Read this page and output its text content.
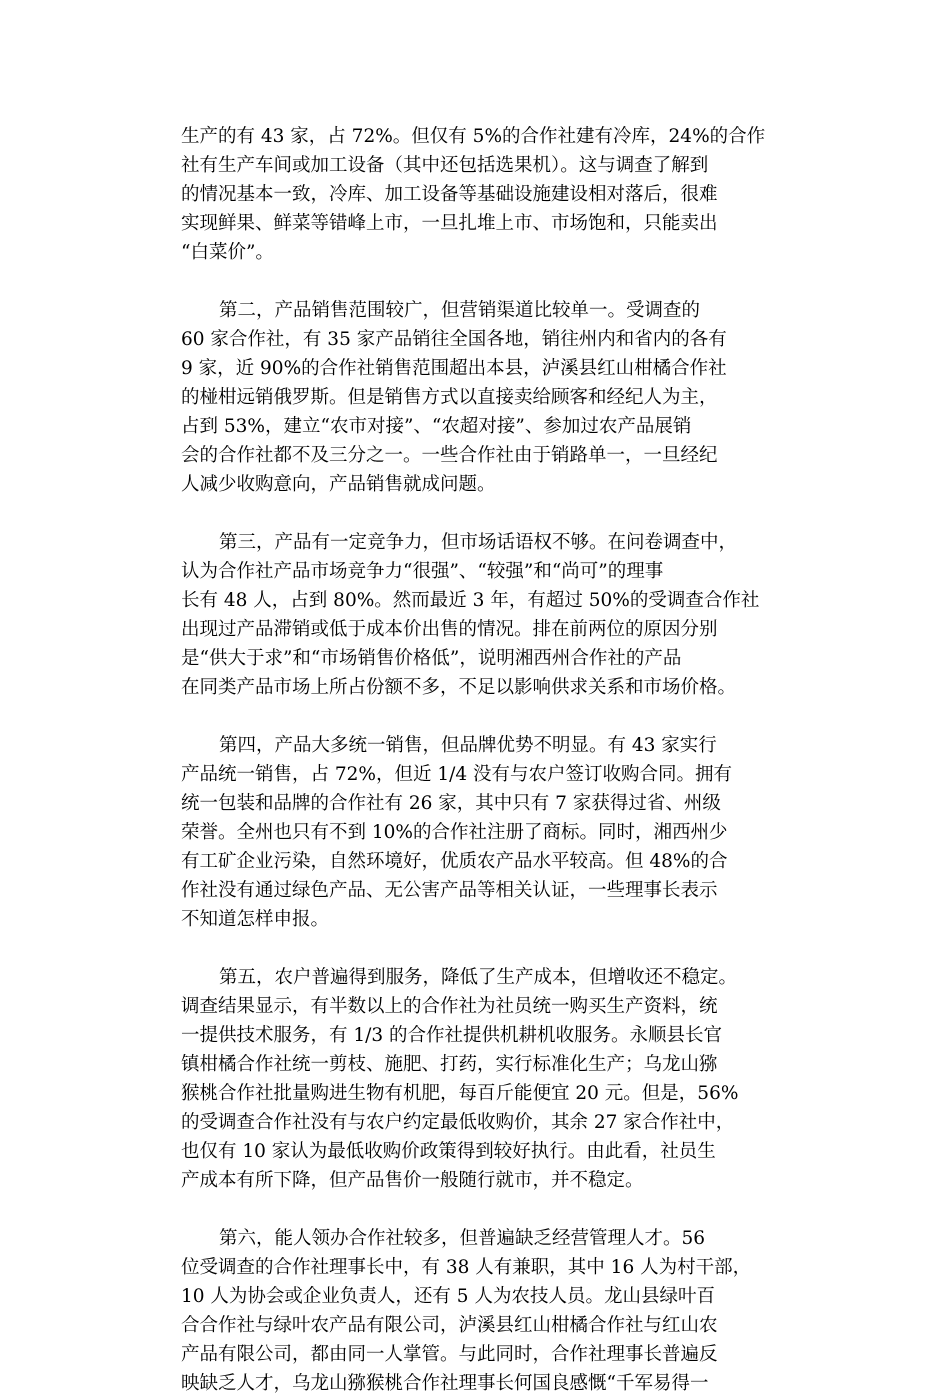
生产的有 43 家，占 72%。但仅有 5%的合作社建有冷库，24%的合作
社有生产车间或加工设备（其中还包括选果机）。这与调查了解到
的情况基本一致，冷库、加工设备等基础设施建设相对落后，很难
实现鲜果、鲜菜等错峰上市，一旦扎堆上市、市场饱和，只能卖出
“白菜价”。

第二，产品销售范围较广，但营销渠道比较单一。受调查的
60 家合作社，有 35 家产品销往全国各地，销往州内和省内的各有
9 家，近 90%的合作社销售范围超出本县，泸溪县红山柑橘合作社
的椪柑远销俄罗斯。但是销售方式以直接卖给顾客和经纪人为主，
占到 53%，建立“农市对接”、“农超对接”、参加过农产品展销
会的合作社都不及三分之一。一些合作社由于销路单一，一旦经纪
人减少收购意向，产品销售就成问题。

第三，产品有一定竞争力，但市场话语权不够。在问卷调查中，
认为合作社产品市场竞争力“很强”、“较强”和“尚可”的理事
长有 48 人，占到 80%。然而最近 3 年，有超过 50%的受调查合作社
出现过产品滞销或低于成本价出售的情况。排在前两位的原因分别
是“供大于求”和“市场销售价格低”，说明湘西州合作社的产品
在同类产品市场上所占份额不多，不足以影响供求关系和市场价格。

第四，产品大多统一销售，但品牌优势不明显。有 43 家实行
产品统一销售，占 72%，但近 1/4 没有与农户签订收购合同。拥有
统一包装和品牌的合作社有 26 家，其中只有 7 家获得过省、州级
荣誉。全州也只有不到 10%的合作社注册了商标。同时，湘西州少
有工矿企业污染，自然环境好，优质农产品水平较高。但 48%的合
作社没有通过绿色产品、无公害产品等相关认证，一些理事长表示
不知道怎样申报。

第五，农户普遍得到服务，降低了生产成本，但增收还不稳定。
调查结果显示，有半数以上的合作社为社员统一购买生产资料，统
一提供技术服务，有 1/3 的合作社提供机耕机收服务。永顺县长官
镇柑橘合作社统一剪枝、施肥、打药，实行标准化生产；乌龙山猕
猴桃合作社批量购进生物有机肥，每百斤能便宜 20 元。但是，56%
的受调查合作社没有与农户约定最低收购价，其余 27 家合作社中，
也仅有 10 家认为最低收购价政策得到较好执行。由此看，社员生
产成本有所下降，但产品售价一般随行就市，并不稳定。

第六，能人领办合作社较多，但普遍缺乏经营管理人才。56
位受调查的合作社理事长中，有 38 人有兼职，其中 16 人为村干部，
10 人为协会或企业负责人，还有 5 人为农技人员。龙山县绿叶百
合合作社与绿叶农产品有限公司，泸溪县红山柑橘合作社与红山农
产品有限公司，都由同一人掌管。与此同时，合作社理事长普遍反
映缺乏人才，乌龙山猕猴桃合作社理事长何国良感慨“千军易得一
